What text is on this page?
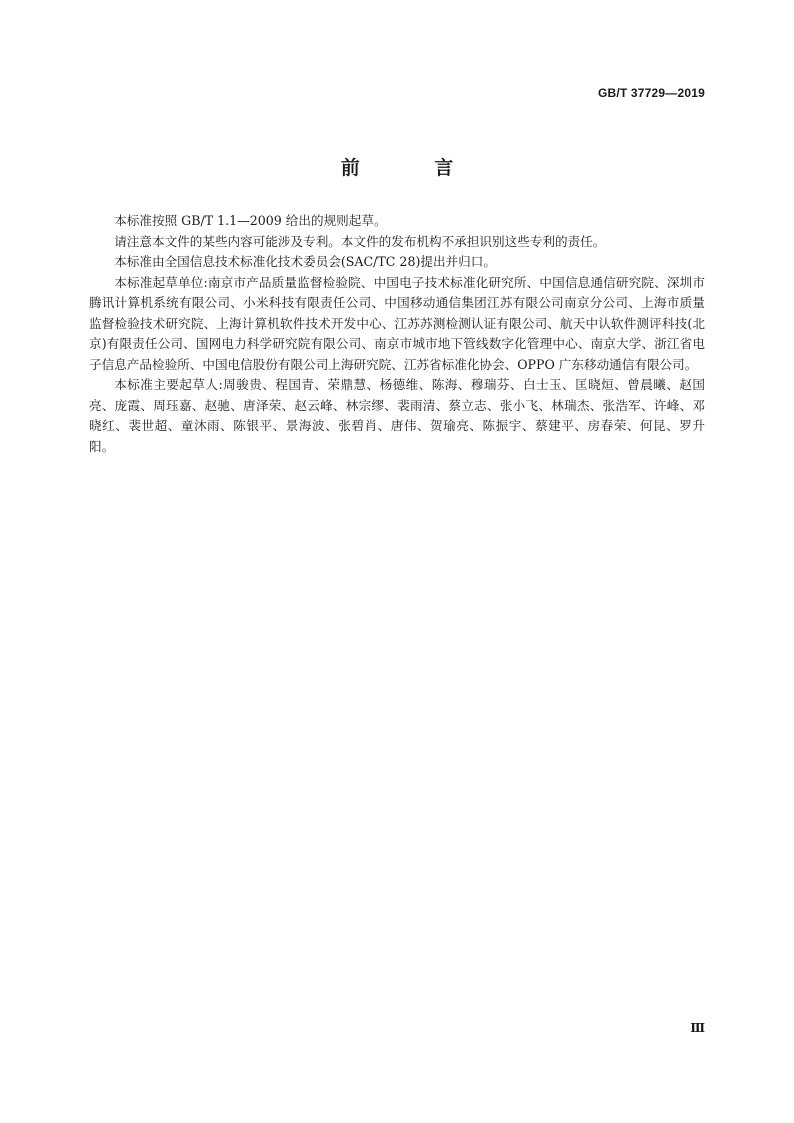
GB/T 37729—2019
前 言

本标准按照 GB/T 1.1—2009 给出的规则起草。

请注意本文件的某些内容可能涉及专利。本文件的发布机构不承担识别这些专利的责任。

本标准由全国信息技术标准化技术委员会(SAC/TC 28)提出并归口。

本标准起草单位:南京市产品质量监督检验院、中国电子技术标准化研究所、中国信息通信研究院、深圳市腾讯计算机系统有限公司、小米科技有限责任公司、中国移动通信集团江苏有限公司南京分公司、上海市质量监督检验技术研究院、上海计算机软件技术开发中心、江苏苏测检测认证有限公司、航天中认软件测评科技(北京)有限责任公司、国网电力科学研究院有限公司、南京市城市地下管线数字化管理中心、南京大学、浙江省电子信息产品检验所、中国电信股份有限公司上海研究院、江苏省标准化协会、OPPO 广东移动通信有限公司。

本标准主要起草人:周骏贵、程国青、荣鼎慧、杨德维、陈海、穆瑞芬、白士玉、匡晓烜、曾晨曦、赵国亮、庞霞、周珏嘉、赵驰、唐泽荣、赵云峰、林宗缪、裴雨清、蔡立志、张小飞、林瑞杰、张浩军、许峰、邓晓红、裴世超、童沐雨、陈银平、景海波、张碧肖、唐伟、贺瑜亮、陈振宇、蔡建平、房春荣、何昆、罗升阳。

Ⅲ
